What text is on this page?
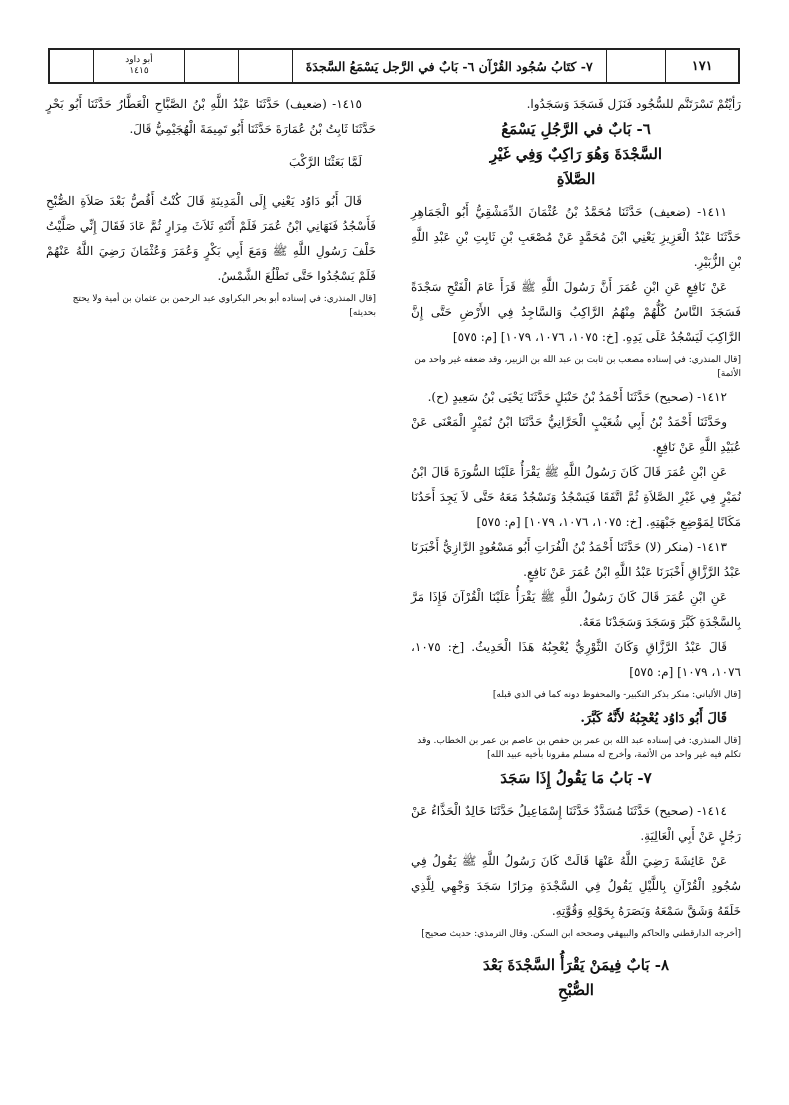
أبو داود
١٤١٥	٧- كتَابُ سُجُود القُرْآن ٦- بَابٌ في الرَّجل يَسْمَعُ السَّجدَةَ	١٧١

رَأيْتُمْ تَسْرَتَنَّم للسُّجُود فَنَزَل فَسَجَدَ وَسَجَدُوا.

٦- بَابٌ في الرَّجُلِ يَسْمَعُ

السَّجْدَةَ وَهُوَ رَاكِبٌ وَفِي غَيْرِ

الصَّلاَةِ

١٤١١- (ضعيف) حَدَّثَنَا مُحَمَّدُ بْنُ عُثْمَانَ الدِّمَشْقِيُّ أَبُو الْجَمَاهِرِ حَدَّثَنَا عَبْدُ الْعَزِيزِ يَعْنِي ابْنَ مُحَمَّدٍ عَنْ مُصْعَبِ بْنِ ثَابِتِ بْنِ عَبْدِ اللَّهِ بْنِ الزُّبَيْرِ.

عَنْ نَافِعٍ عَنِ ابْنِ عُمَرَ أَنَّ رَسُولَ اللَّهِ ﷺ قَرَأَ عَامَ الْفَتْحِ سَجْدَةً فَسَجَدَ النَّاسُ كُلُّهُمْ مِنْهُمُ الرَّاكِبُ وَالسَّاجِدُ فِي الأَرْضِ حَتَّى إِنَّ الرَّاكِبَ لَيَسْجُدُ عَلَى يَدِهِ. [خ: ١٠٧٥، ١٠٧٦، ١٠٧٩] [م: ٥٧٥]

[قال المنذري: في إسناده مصعب بن ثابت بن عبد الله بن الزبير، وقد ضعفه غير واحد من الأئمة]

١٤١٢- (صحيح) حَدَّثَنَا أَحْمَدُ بْنُ حَنْبَلٍ حَدَّثَنَا يَحْيَى بْنُ سَعِيدٍ (ح).

وحَدَّثَنَا أَحْمَدُ بْنُ أَبِي شُعَيْبٍ الْحَرَّانِيُّ حَدَّثَنَا ابْنُ نُمَيْرٍ الْمَعْنَى عَنْ عُبَيْدِ اللَّهِ عَنْ نَافِعٍ.

عَنِ ابْنِ عُمَرَ قَالَ كَانَ رَسُولُ اللَّهِ ﷺ يَقْرَأُ عَلَيْنَا السُّورَةَ قَالَ ابْنُ نُمَيْرٍ فِي غَيْرِ الصَّلاَةِ ثُمَّ اتَّفَقَا فَيَسْجُدُ وَنَسْجُدُ مَعَهُ حَتَّى لاَ يَجِدَ أَحَدُنَا مَكَانًا لِمَوْضِعِ جَبْهَتِهِ. [خ: ١٠٧٥، ١٠٧٦، ١٠٧٩] [م: ٥٧٥]

١٤١٣- (منكر (لا) حَدَّثَنَا أَحْمَدُ بْنُ الْفُرَاتِ أَبُو مَسْعُودٍ الرَّازِيُّ أَخْبَرَنَا عَبْدُ الرَّزَّاقِ أَخْبَرَنَا عَبْدُ اللَّهِ ابْنُ عُمَرَ عَنْ نَافِعٍ.

عَنِ ابْنِ عُمَرَ قَالَ كَانَ رَسُولُ اللَّهِ ﷺ يَقْرَأُ عَلَيْنَا الْقُرْآنَ فَإِذَا مَرَّ بِالسَّجْدَةِ كَبَّرَ وَسَجَدَ وَسَجَدْنَا مَعَهُ.

قَالَ عَبْدُ الرَّزَّاقِ وَكَانَ الثَّوْرِيُّ يُعْجِبُهُ هَذَا الْحَدِيثُ. [خ: ١٠٧٥، ١٠٧٦، ١٠٧٩] [م: ٥٧٥]

[قال الألباني: منكر بذكر التكبير- والمحفوظ دونه كما في الذي قبله]

قَالَ أَبُو دَاوُد يُعْجِبُهُ لأَنَّهُ كَبَّرَ.

[قال المنذري: في إسناده عبد الله بن عمر بن حفص بن عاصم بن عمر بن الخطاب. وقد تكلم فيه غير واحد من الأئمة، وأخرج له مسلم مقرونا بأخيه عبيد الله]

٧- بَابُ مَا يَقُولُ إِذَا سَجَدَ

١٤١٤- (صحيح) حَدَّثَنَا مُسَدَّدٌ حَدَّثَنَا إِسْمَاعِيلُ حَدَّثَنَا خَالِدٌ الْحَذَّاءُ عَنْ رَجُلٍ عَنْ أَبِي الْعَالِيَةِ.

عَنْ عَائِشَةَ رَضِيَ اللَّهُ عَنْهَا قَالَتْ كَانَ رَسُولُ اللَّهِ ﷺ يَقُولُ فِي سُجُودِ الْقُرْآنِ بِاللَّيْلِ يَقُولُ فِي السَّجْدَةِ مِرَارًا سَجَدَ وَجْهِي لِلَّذِي خَلَقَهُ وَشَقَّ سَمْعَهُ وَبَصَرَهُ بِحَوْلِهِ وَقُوَّتِهِ.

[أخرجه الدارقطني والحاكم والبيهقي وصححه ابن السكن. وقال الترمذي: حديث صحيح]

٨- بَابٌ فِيمَنْ يَقْرَأُ السَّجْدَةَ بَعْدَ

الصُّبْحِ

١٤١٥- (ضعيف) حَدَّثَنَا عَبْدُ اللَّهِ بْنُ الصَّبَّاحِ الْعَطَّارُ حَدَّثَنَا أَبُو بَحْرٍ حَدَّثَنَا ثَابِتُ بْنُ عُمَارَةَ حَدَّثَنَا أَبُو تَمِيمَةَ الْهُجَيْمِيُّ قَالَ.

لَمَّا بَعَثْنَا الرَّكْبَ

قَالَ أَبُو دَاوُد يَعْنِي إِلَى الْمَدِينَةِ قَالَ كُنْتُ أَقُصُّ بَعْدَ صَلاَةِ الصُّبْحِ فَأَسْجُدُ فَنَهَانِي ابْنُ عُمَرَ فَلَمْ أَنْتَهِ ثَلاَثَ مِرَارٍ ثُمَّ عَادَ فَقَالَ إِنِّي صَلَّيْتُ خَلْفَ رَسُولِ اللَّهِ ﷺ وَمَعَ أَبِي بَكْرٍ وَعُمَرَ وَعُثْمَانَ رَضِيَ اللَّهُ عَنْهُمْ فَلَمْ يَسْجُدُوا حَتَّى تَطْلُعَ الشَّمْسُ.

[قال المنذري: في إسناده أبو بحر البكراوي عبد الرحمن بن عثمان بن أمية ولا يحتج بحديثه]
